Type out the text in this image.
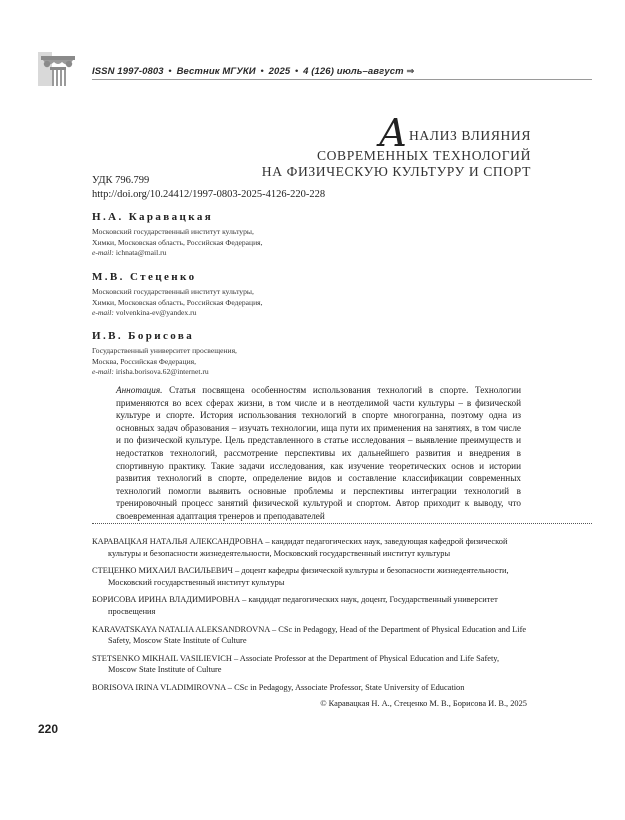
ISSN 1997-0803 • Вестник МГУКИ • 2025 • 4 (126) июль–август ⇒
АНАЛИЗ ВЛИЯНИЯ
СОВРЕМЕННЫХ ТЕХНОЛОГИЙ
НА ФИЗИЧЕСКУЮ КУЛЬТУРУ И СПОРТ
УДК 796.799
http://doi.org/10.24412/1997-0803-2025-4126-220-228
Н.А. Каравацкая
Московский государственный институт культуры,
Химки, Московская область, Российская Федерация,
e-mail: ichnata@mail.ru
М.В. Стеценко
Московский государственный институт культуры,
Химки, Московская область, Российская Федерация,
e-mail: volvenkina-ev@yandex.ru
И.В. Борисова
Государственный университет просвещения,
Москва, Российская Федерация,
e-mail: irisha.borisova.62@internet.ru
Аннотация. Статья посвящена особенностям использования технологий в спорте. Технологии применяются во всех сферах жизни, в том числе и в неотделимой части культуры – в физической культуре и спорте. История использования технологий в спорте многогранна, поэтому одна из основных задач образования – изучать технологии, ища пути их применения на занятиях, в том числе и по физической культуре. Цель представленного в статье исследования – выявление преимуществ и недостатков технологий, рассмотрение перспективы их дальнейшего развития и внедрения в спортивную практику. Такие задачи исследования, как изучение теоретических основ и истории развития технологий в спорте, определение видов и составление классификации современных технологий помогли выявить основные проблемы и перспективы интеграции технологий в тренировочный процесс занятий физической культурой и спортом. Автор приходит к выводу, что своевременная адаптация тренеров и преподавателей
КАРАВАЦКАЯ НАТАЛЬЯ АЛЕКСАНДРОВНА – кандидат педагогических наук, заведующая кафедрой физической культуры и безопасности жизнедеятельности, Московский государственный институт культуры
СТЕЦЕНКО МИХАИЛ ВАСИЛЬЕВИЧ – доцент кафедры физической культуры и безопасности жизнедеятельности, Московский государственный институт культуры
БОРИСОВА ИРИНА ВЛАДИМИРОВНА – кандидат педагогических наук, доцент, Государственный университет просвещения
KARAVATSKAYA NATALIA ALEKSANDROVNA – CSc in Pedagogy, Head of the Department of Physical Education and Life Safety, Moscow State Institute of Culture
STETSENKO MIKHAIL VASILIEVICH – Associate Professor at the Department of Physical Education and Life Safety, Moscow State Institute of Culture
BORISOVA IRINA VLADIMIROVNA – CSc in Pedagogy, Associate Professor, State University of Education
© Каравацкая Н. А., Стеценко М. В., Борисова И. В., 2025
220
